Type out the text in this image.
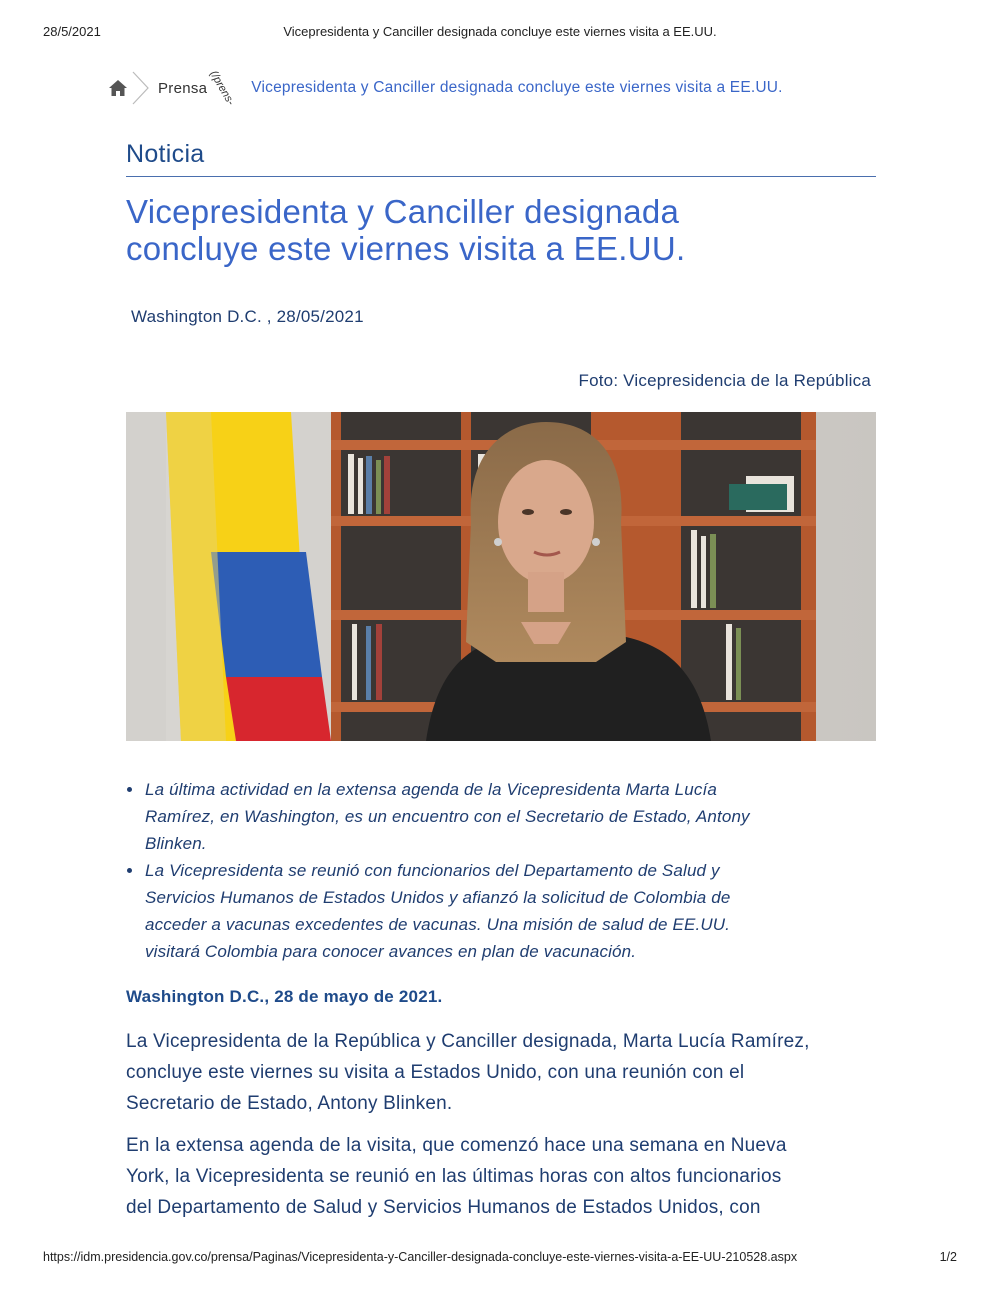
28/5/2021	Vicepresidenta y Canciller designada concluye este viernes visita a EE.UU.
Prensa (/prens- Vicepresidenta y Canciller designada concluye este viernes visita a EE.UU.
Noticia
Vicepresidenta y Canciller designada
concluye este viernes visita a EE.UU.
Washington D.C. , 28/05/2021
Foto: Vicepresidencia de la República
La última actividad en la extensa agenda de la Vicepresidenta Marta Lucía
Ramírez, en Washington, es un encuentro con el Secretario de Estado, Antony
Blinken.
La Vicepresidenta se reunió con funcionarios del Departamento de Salud y
Servicios Humanos de Estados Unidos y afianzó la solicitud de Colombia de
acceder a vacunas excedentes de vacunas. Una misión de salud de EE.UU.
visitará Colombia para conocer avances en plan de vacunación.
Washington D.C., 28 de mayo de 2021.

La Vicepresidenta de la República y Canciller designada, Marta Lucía Ramírez,
concluye este viernes su visita a Estados Unido, con una reunión con el
Secretario de Estado, Antony Blinken.

En la extensa agenda de la visita, que comenzó hace una semana en Nueva
York, la Vicepresidenta se reunió en las últimas horas con altos funcionarios
del Departamento de Salud y Servicios Humanos de Estados Unidos, con

https://idm.presidencia.gov.co/prensa/Paginas/Vicepresidenta-y-Canciller-designada-concluye-este-viernes-visita-a-EE-UU-210528.aspx	1/2
